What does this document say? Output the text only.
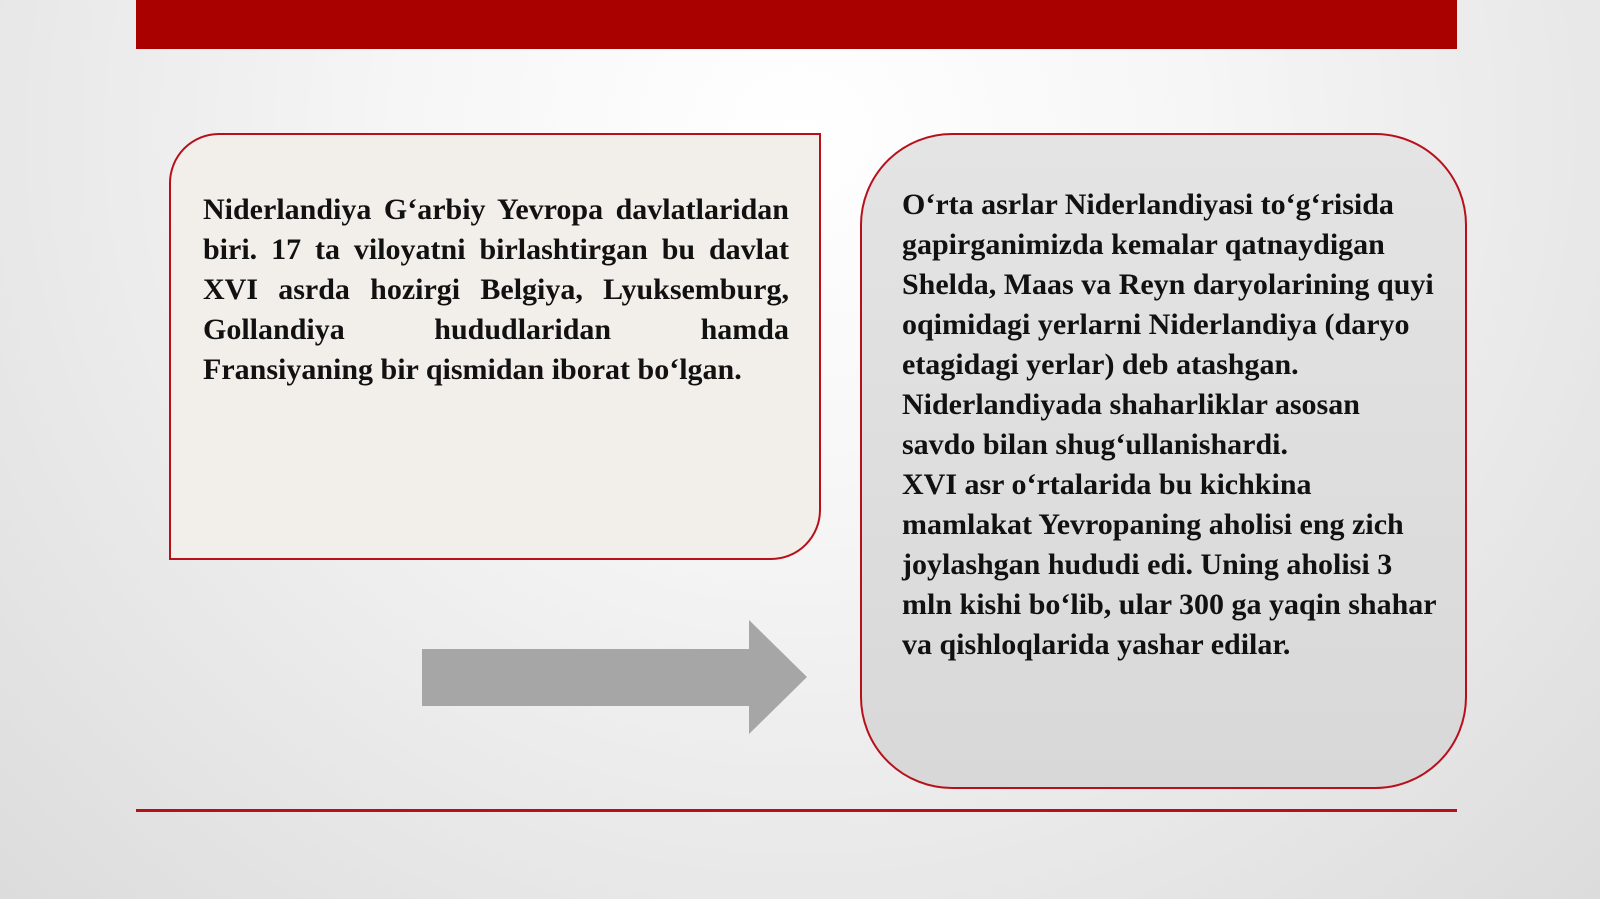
Niderlandiya G‘arbiy Yevropa davlatlaridan biri. 17 ta viloyatni birlashtirgan bu davlat XVI asrda hozirgi Belgiya, Lyuksemburg, Gollandiya hududlaridan hamda Fransiyaning bir qismidan iborat bo‘lgan.

O‘rta asrlar Niderlandiyasi to‘g‘risida gapirganimizda kemalar qatnaydigan Shelda, Maas va Reyn daryolarining quyi oqimidagi yerlarni Niderlandiya (daryo etagidagi yerlar) deb atashgan.
Niderlandiyada shaharliklar asosan savdo bilan shug‘ullanishardi.
XVI asr o‘rtalarida bu kichkina mamlakat Yevropaning aholisi eng zich joylashgan hududi edi. Uning aholisi 3 mln kishi bo‘lib, ular 300 ga yaqin shahar va qishloqlarida yashar edilar.
